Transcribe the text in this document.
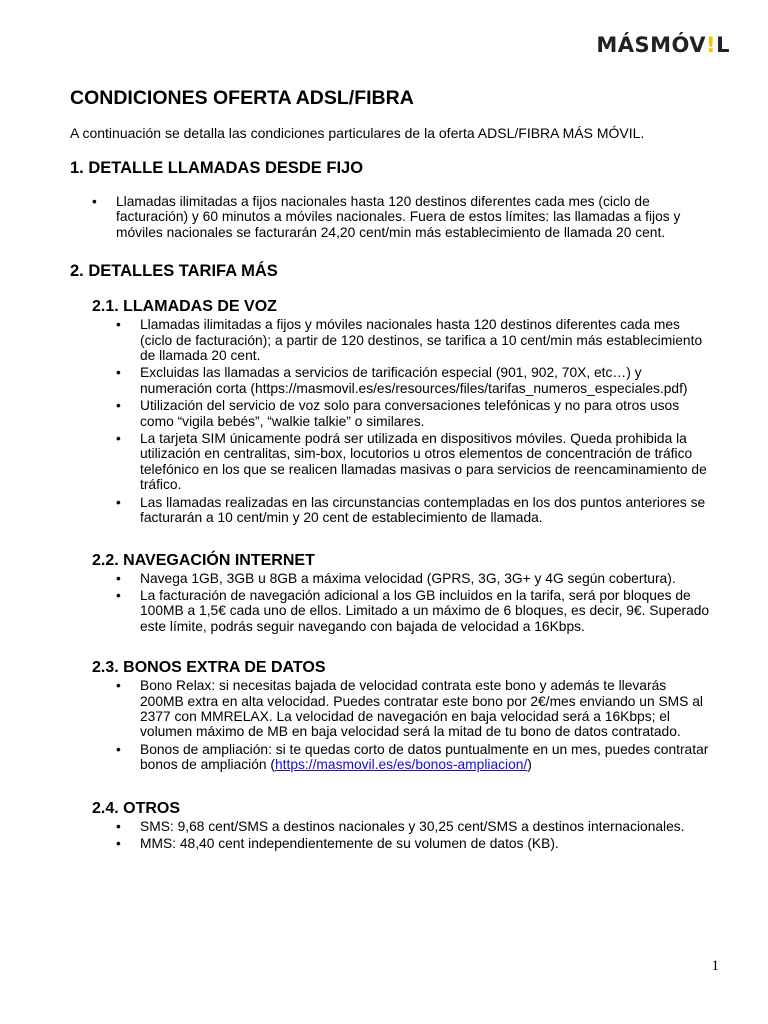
MÁSMÓV!L
CONDICIONES OFERTA ADSL/FIBRA

A continuación se detalla las condiciones particulares de la oferta ADSL/FIBRA MÁS MÓVIL.

1. DETALLE LLAMADAS DESDE FIJO
• Llamadas ilimitadas a fijos nacionales hasta 120 destinos diferentes cada mes (ciclo de facturación) y 60 minutos a móviles nacionales. Fuera de estos límites: las llamadas a fijos y móviles nacionales se facturarán 24,20 cent/min más establecimiento de llamada 20 cent.
2. DETALLES TARIFA MÁS
2.1. LLAMADAS DE VOZ
• Llamadas ilimitadas a fijos y móviles nacionales hasta 120 destinos diferentes cada mes (ciclo de facturación); a partir de 120 destinos, se tarifica a 10 cent/min más establecimiento de llamada 20 cent.
• Excluidas las llamadas a servicios de tarificación especial (901, 902, 70X, etc…) y numeración corta (https://masmovil.es/es/resources/files/tarifas_numeros_especiales.pdf)
• Utilización del servicio de voz solo para conversaciones telefónicas y no para otros usos como “vigila bebés”, “walkie talkie” o similares.
• La tarjeta SIM únicamente podrá ser utilizada en dispositivos móviles. Queda prohibida la utilización en centralitas, sim-box, locutorios u otros elementos de concentración de tráfico telefónico en los que se realicen llamadas masivas o para servicios de reencaminamiento de tráfico.
• Las llamadas realizadas en las circunstancias contempladas en los dos puntos anteriores se facturarán a 10 cent/min y 20 cent de establecimiento de llamada.
2.2. NAVEGACIÓN INTERNET
• Navega 1GB, 3GB u 8GB a máxima velocidad (GPRS, 3G, 3G+ y 4G según cobertura).
• La facturación de navegación adicional a los GB incluidos en la tarifa, será por bloques de 100MB a 1,5€ cada uno de ellos. Limitado a un máximo de 6 bloques, es decir, 9€. Superado este límite, podrás seguir navegando con bajada de velocidad a 16Kbps.
2.3. BONOS EXTRA DE DATOS
• Bono Relax: si necesitas bajada de velocidad contrata este bono y además te llevarás 200MB extra en alta velocidad. Puedes contratar este bono por 2€/mes enviando un SMS al 2377 con MMRELAX. La velocidad de navegación en baja velocidad será a 16Kbps; el volumen máximo de MB en baja velocidad será la mitad de tu bono de datos contratado.
• Bonos de ampliación: si te quedas corto de datos puntualmente en un mes, puedes contratar bonos de ampliación (https://masmovil.es/es/bonos-ampliacion/)
2.4. OTROS
• SMS: 9,68 cent/SMS a destinos nacionales y 30,25 cent/SMS a destinos internacionales.
• MMS: 48,40 cent independientemente de su volumen de datos (KB).
1
